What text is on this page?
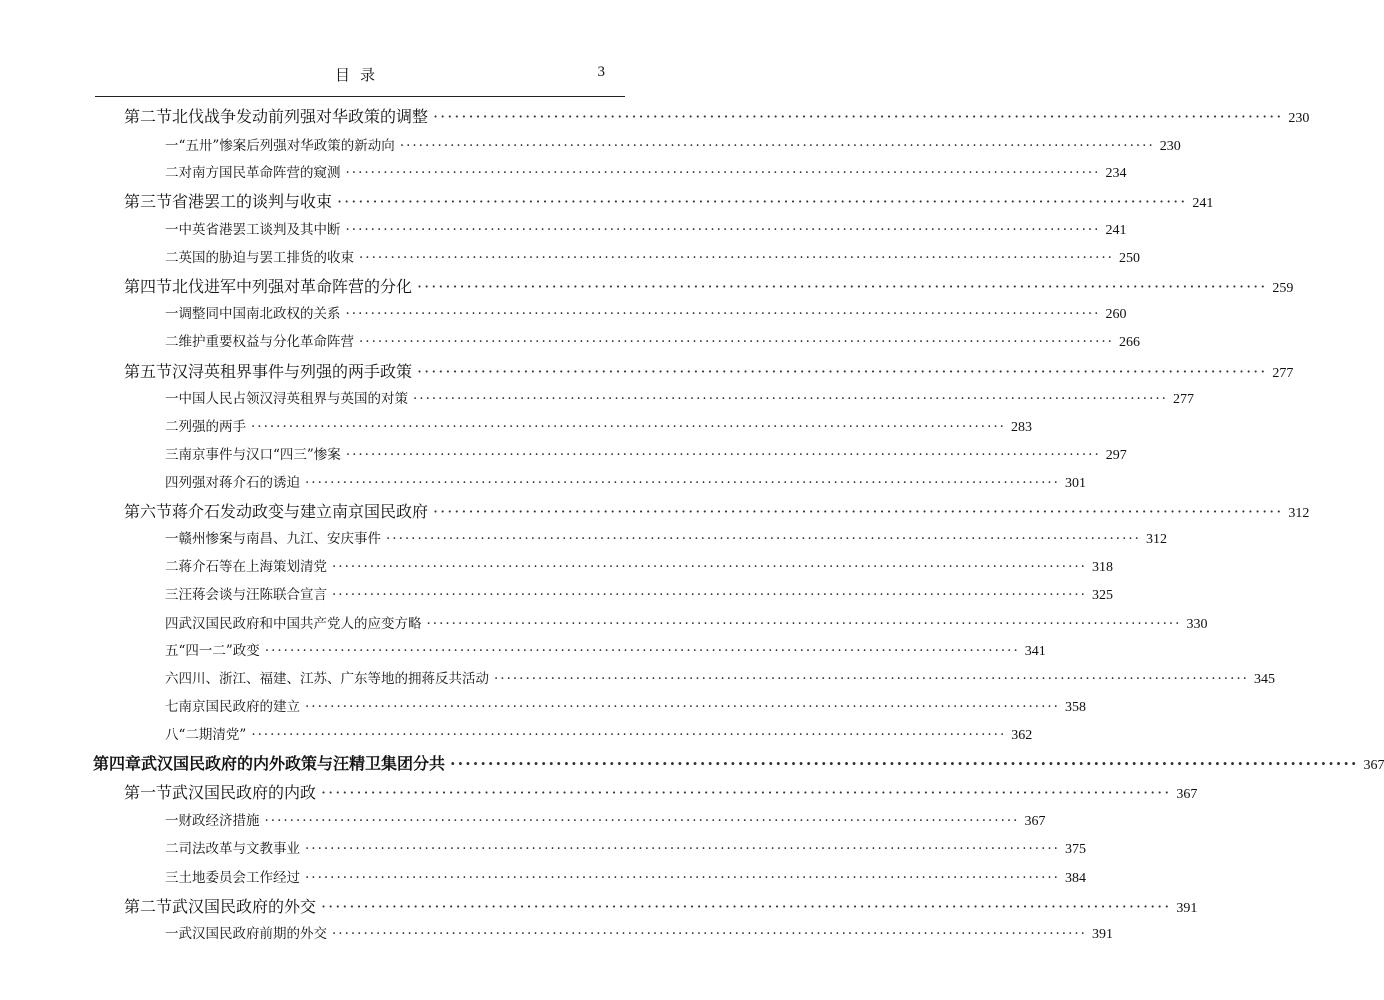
目录	3
第二节 北伐战争发动前列强对华政策的调整 ························································································································ 230
一 “五卅”惨案后列强对华政策的新动向 ························································································································ 230
二 对南方国民革命阵营的窥测 ························································································································ 234
第三节 省港罢工的谈判与收束 ························································································································ 241
一 中英省港罢工谈判及其中断 ························································································································ 241
二 英国的胁迫与罢工排货的收束 ························································································································ 250
第四节 北伐进军中列强对革命阵营的分化 ························································································································ 259
一 调整同中国南北政权的关系 ························································································································ 260
二 维护重要权益与分化革命阵营 ························································································································ 266
第五节 汉浔英租界事件与列强的两手政策 ························································································································ 277
一 中国人民占领汉浔英租界与英国的对策 ························································································································ 277
二 列强的两手 ························································································································ 283
三 南京事件与汉口“四三”惨案 ························································································································ 297
四 列强对蒋介石的诱迫 ························································································································ 301
第六节 蒋介石发动政变与建立南京国民政府 ························································································································ 312
一 赣州惨案与南昌、九江、安庆事件 ························································································································ 312
二 蒋介石等在上海策划清党 ························································································································ 318
三 汪蒋会谈与汪陈联合宣言 ························································································································ 325
四 武汉国民政府和中国共产党人的应变方略 ························································································································ 330
五 “四一二”政变 ························································································································ 341
六 四川、浙江、福建、江苏、广东等地的拥蒋反共活动 ························································································································ 345
七 南京国民政府的建立 ························································································································ 358
八 “二期清党” ························································································································ 362
第四章 武汉国民政府的内外政策与汪精卫集团分共 ························································································································ 367
第一节 武汉国民政府的内政 ························································································································ 367
一 财政经济措施 ························································································································ 367
二 司法改革与文教事业 ························································································································ 375
三 土地委员会工作经过 ························································································································ 384
第二节 武汉国民政府的外交 ························································································································ 391
一 武汉国民政府前期的外交 ························································································································ 391
